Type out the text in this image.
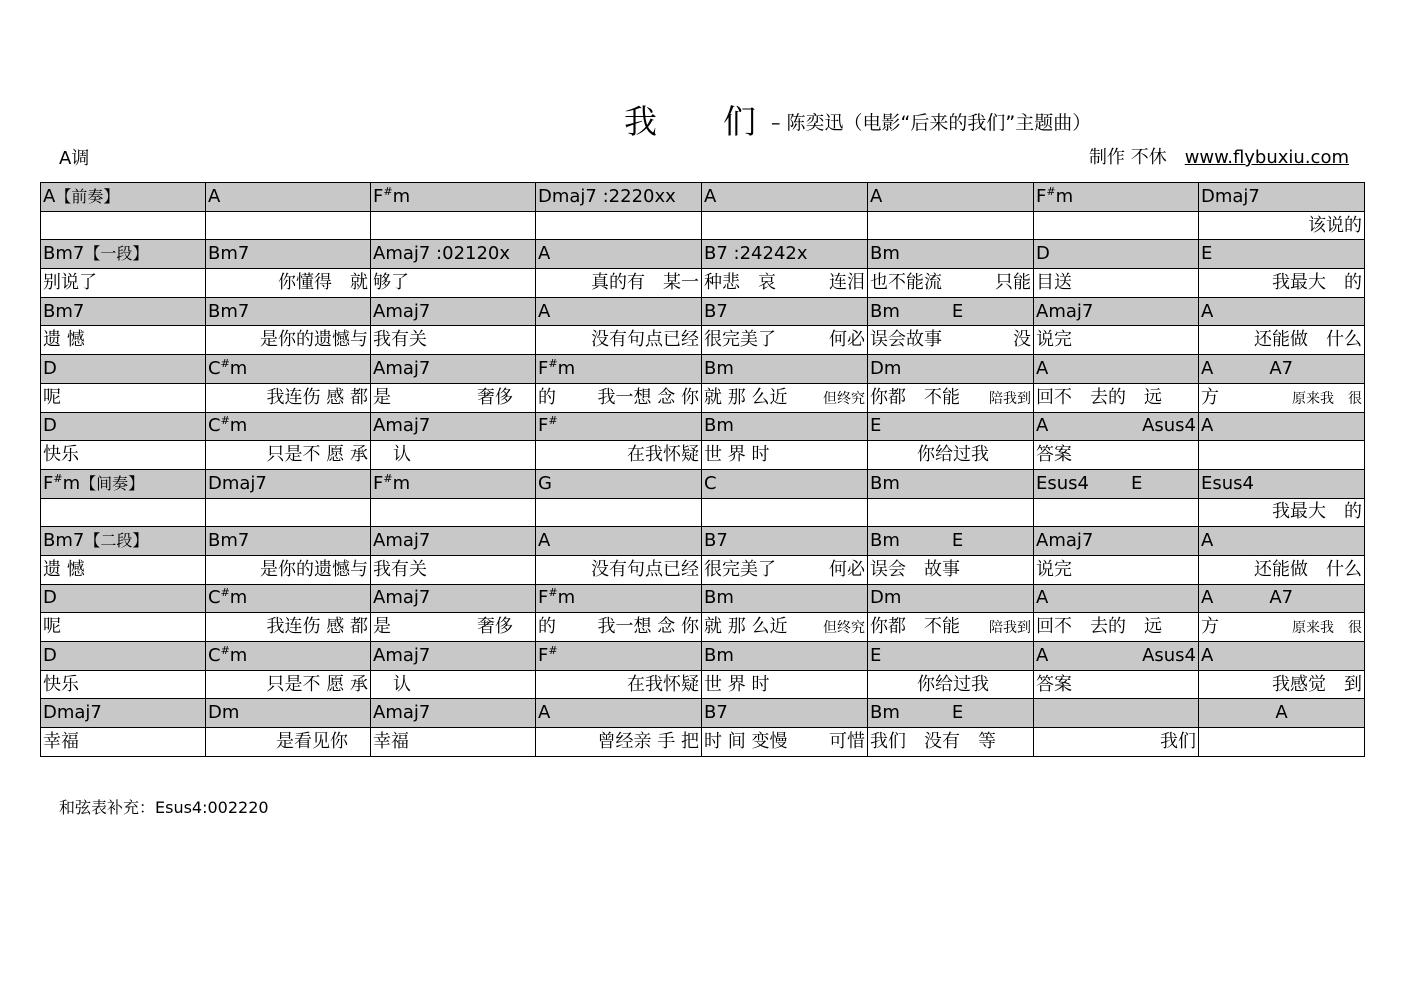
我们
– 陈奕迅（电影“后来的我们”主题曲）
A调	制作 不休 www.flybuxiu.com
A【前奏】	A	F#m	Dmaj7 :2220xx	A	A	F#m	Dmaj7
							该说的
Bm7【一段】	Bm7	Amaj7 :02120x	A	B7 :24242x	Bm	D	E
别说了	你懂得　就	够了	真的有　某一	种悲　哀 连泪	也不能流 只能	目送	我最大　的
Bm7	Bm7	Amaj7	A	B7	Bm E	Amaj7	A
遗 憾	是你的遗憾与	我有关	没有句点已经	很完美了 何必	误会故事 没	说完	还能做　什么
D	C#m	Amaj7	F#m	Bm	Dm	A	A A7
呢	我连伤 感 都	是 奢侈	的 我一想 念 你	就 那 么近 但终究	你都　不能 陪我到	回不　去的　远	方 原来我　很
D	C#m	Amaj7	F#	Bm	E	A Asus4	A
快乐	只是不 愿 承	认	在我怀疑	世 界 时	你给过我	答案	
F#m【间奏】	Dmaj7	F#m	G	C	Bm	Esus4 E	Esus4
							我最大　的
Bm7【二段】	Bm7	Amaj7	A	B7	Bm E	Amaj7	A
遗 憾	是你的遗憾与	我有关	没有句点已经	很完美了 何必	误会　故事	说完	还能做　什么
D	C#m	Amaj7	F#m	Bm	Dm	A	A A7
呢	我连伤 感 都	是 奢侈	的 我一想 念 你	就 那 么近 但终究	你都　不能 陪我到	回不　去的　远	方 原来我　很
D	C#m	Amaj7	F#	Bm	E	A Asus4	A
快乐	只是不 愿 承	认	在我怀疑	世 界 时	你给过我	答案	我感觉　到
Dmaj7	Dm	Amaj7	A	B7	Bm E		A
幸福	是看见你	幸福	曾经亲 手 把	时 间 变慢 可惜	我们　没有　等	我们	
和弦表补充：Esus4:002220
